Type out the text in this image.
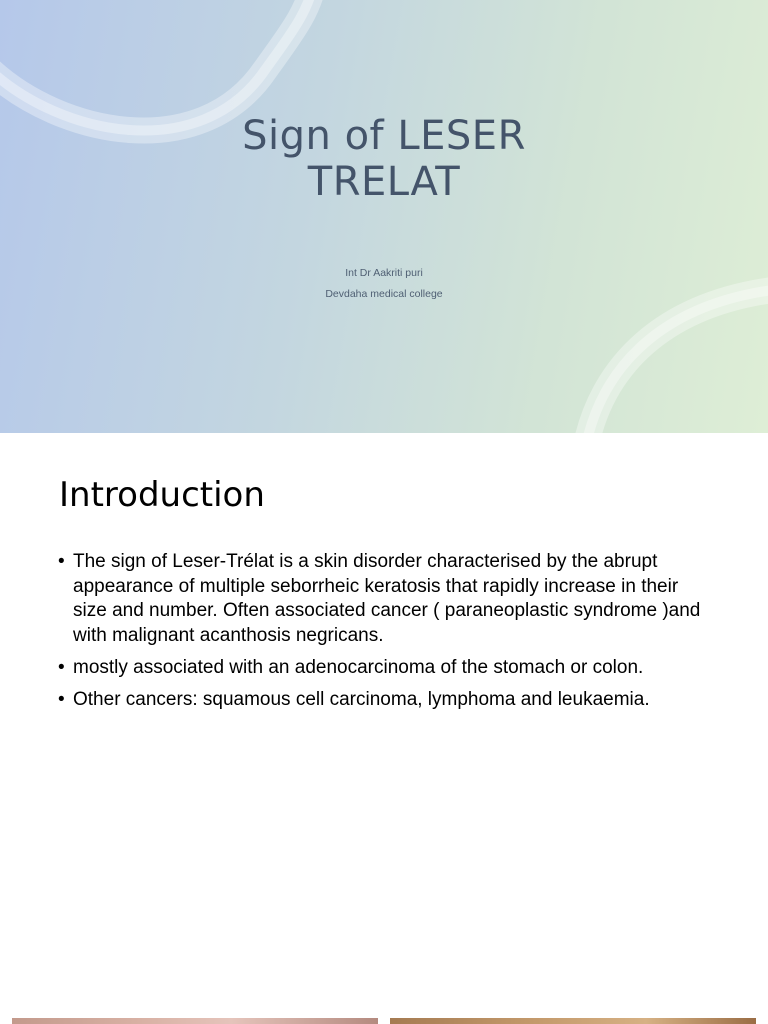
Sign of LESER
TRELAT
Int Dr Aakriti puri
Devdaha medical college
Introduction
• The sign of Leser-Trélat is a skin disorder characterised by the abrupt appearance of multiple seborrheic keratosis that rapidly increase in their size and number. Often associated cancer ( paraneoplastic syndrome )and with malignant acanthosis negricans.
• mostly associated with an adenocarcinoma of the stomach or colon.
• Other cancers: squamous cell carcinoma, lymphoma and leukaemia.
